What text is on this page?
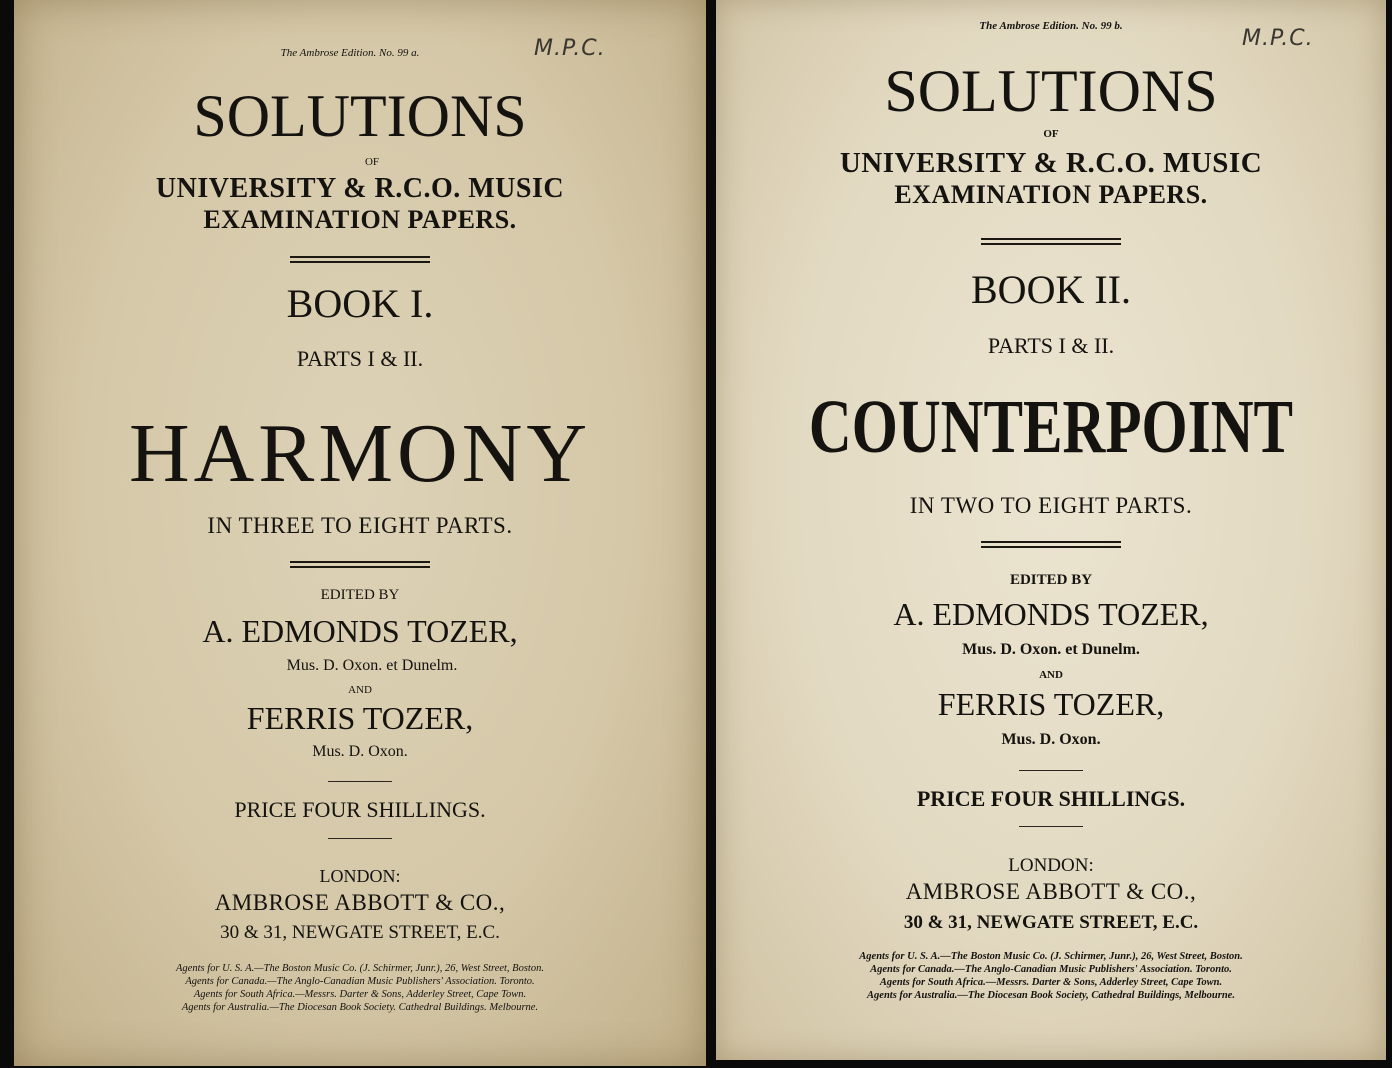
The Ambrose Edition. No. 99 a.	M.P.C.
SOLUTIONS
OF
UNIVERSITY & R.C.O. MUSIC
EXAMINATION PAPERS.
BOOK I.
PARTS I & II.
HARMONY
IN THREE TO EIGHT PARTS.
EDITED BY
A. EDMONDS TOZER,
Mus. D. Oxon. et Dunelm.
AND
FERRIS TOZER,
Mus. D. Oxon.
PRICE FOUR SHILLINGS.
LONDON:
AMBROSE ABBOTT & CO.,
30 & 31, NEWGATE STREET, E.C.
Agents for U. S. A.—The Boston Music Co. (J. Schirmer, Junr.), 26, West Street, Boston.
Agents for Canada.—The Anglo-Canadian Music Publishers' Association. Toronto.
Agents for South Africa.—Messrs. Darter & Sons, Adderley Street, Cape Town.
Agents for Australia.—The Diocesan Book Society. Cathedral Buildings. Melbourne.
The Ambrose Edition. No. 99 b.	M.P.C.
SOLUTIONS
OF
UNIVERSITY & R.C.O. MUSIC
EXAMINATION PAPERS.
BOOK II.
PARTS I & II.
COUNTERPOINT
IN TWO TO EIGHT PARTS.
EDITED BY
A. EDMONDS TOZER,
Mus. D. Oxon. et Dunelm.
AND
FERRIS TOZER,
Mus. D. Oxon.
PRICE FOUR SHILLINGS.
LONDON:
AMBROSE ABBOTT & CO.,
30 & 31, NEWGATE STREET, E.C.
Agents for U. S. A.—The Boston Music Co. (J. Schirmer, Junr.), 26, West Street, Boston.
Agents for Canada.—The Anglo-Canadian Music Publishers' Association. Toronto.
Agents for South Africa.—Messrs. Darter & Sons, Adderley Street, Cape Town.
Agents for Australia.—The Diocesan Book Society, Cathedral Buildings, Melbourne.
